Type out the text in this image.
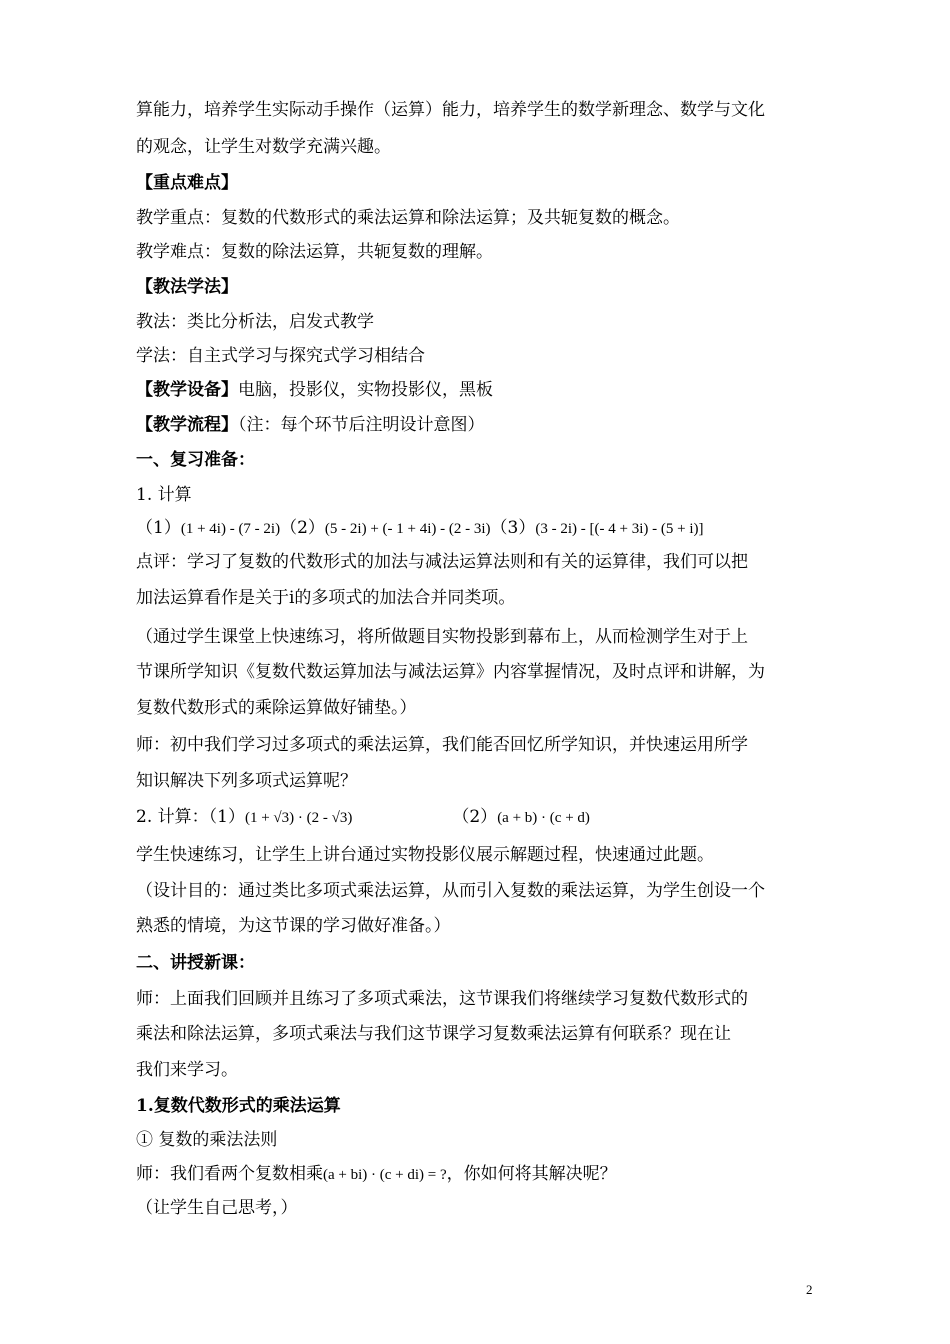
算能力，培养学生实际动手操作（运算）能力，培养学生的数学新理念、数学与文化
的观念，让学生对数学充满兴趣。
【重点难点】
教学重点：复数的代数形式的乘法运算和除法运算；及共轭复数的概念。
教学难点：复数的除法运算，共轭复数的理解。
【教法学法】
教法：类比分析法，启发式教学
学法：自主式学习与探究式学习相结合
【教学设备】电脑，投影仪，实物投影仪，黑板
【教学流程】（注：每个环节后注明设计意图）
一、复习准备：
1. 计算
（1）(1 + 4i) - (7 - 2i)（2）(5 - 2i) + (- 1 + 4i) - (2 - 3i)（3）(3 - 2i) - [(- 4 + 3i) - (5 + i)]
点评：学习了复数的代数形式的加法与减法运算法则和有关的运算律，我们可以把
加法运算看作是关于i的多项式的加法合并同类项。
（通过学生课堂上快速练习，将所做题目实物投影到幕布上，从而检测学生对于上
节课所学知识《复数代数运算加法与减法运算》内容掌握情况，及时点评和讲解，为
复数代数形式的乘除运算做好铺垫。）
师：初中我们学习过多项式的乘法运算，我们能否回忆所学知识，并快速运用所学
知识解决下列多项式运算呢？
2. 计算：（1）(1 + √3) · (2 - √3)	（2）(a + b) · (c + d)
学生快速练习，让学生上讲台通过实物投影仪展示解题过程，快速通过此题。
（设计目的：通过类比多项式乘法运算，从而引入复数的乘法运算，为学生创设一个
熟悉的情境，为这节课的学习做好准备。）
二、讲授新课：
师：上面我们回顾并且练习了多项式乘法，这节课我们将继续学习复数代数形式的
乘法和除法运算，多项式乘法与我们这节课学习复数乘法运算有何联系？现在让
我们来学习。
1.复数代数形式的乘法运算
① 复数的乘法法则
师：我们看两个复数相乘(a + bi) · (c + di) = ?，你如何将其解决呢？
（让学生自己思考，）
2
